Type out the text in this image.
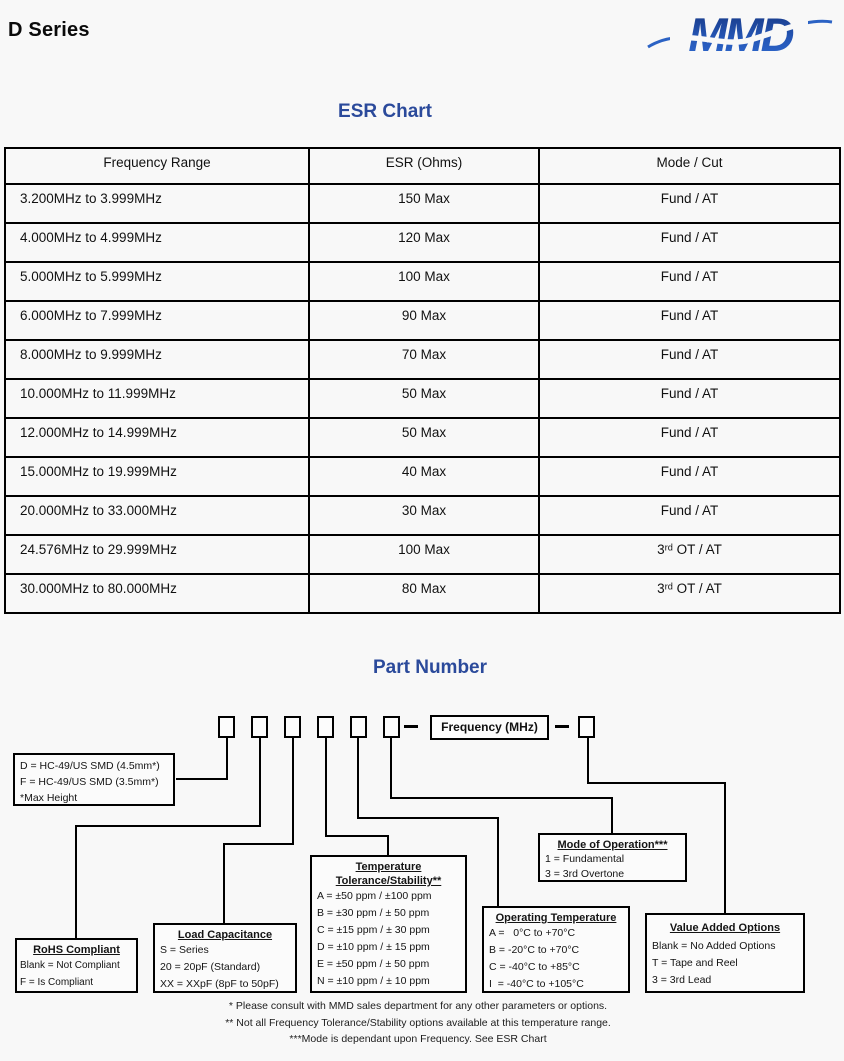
D Series	MMD
ESR Chart
Frequency Range	ESR (Ohms)	Mode / Cut
3.200MHz to 3.999MHz	150 Max	Fund / AT
4.000MHz to 4.999MHz	120 Max	Fund / AT
5.000MHz to 5.999MHz	100 Max	Fund / AT
6.000MHz to 7.999MHz	90 Max	Fund / AT
8.000MHz to 9.999MHz	70 Max	Fund / AT
10.000MHz to 11.999MHz	50 Max	Fund / AT
12.000MHz to 14.999MHz	50 Max	Fund / AT
15.000MHz to 19.999MHz	40 Max	Fund / AT
20.000MHz to 33.000MHz	30 Max	Fund / AT
24.576MHz to 29.999MHz	100 Max	3ʳᵈ OT / AT
30.000MHz to 80.000MHz	80 Max	3ʳᵈ OT / AT
Part Number
Frequency (MHz)
D = HC-49/US SMD (4.5mm*)
F = HC-49/US SMD (3.5mm*)
*Max Height
RoHS Compliant
Blank = Not Compliant
F = Is Compliant
Load Capacitance
S = Series
20 = 20pF (Standard)
XX = XXpF (8pF to 50pF)
Temperature
Tolerance/Stability**
A = ±50 ppm / ±100 ppm
B = ±30 ppm / ± 50 ppm
C = ±15 ppm / ± 30 ppm
D = ±10 ppm / ± 15 ppm
E = ±50 ppm / ± 50 ppm
N = ±10 ppm / ± 10 ppm
Operating Temperature
A =   0°C to +70°C
B = -20°C to +70°C
C = -40°C to +85°C
I  = -40°C to +105°C
Mode of Operation***
1 = Fundamental
3 = 3rd Overtone
Value Added Options
Blank = No Added Options
T = Tape and Reel
3 = 3rd Lead
* Please consult with MMD sales department for any other parameters or options.
** Not all Frequency Tolerance/Stability options available at this temperature range.
***Mode is dependant upon Frequency. See ESR Chart
